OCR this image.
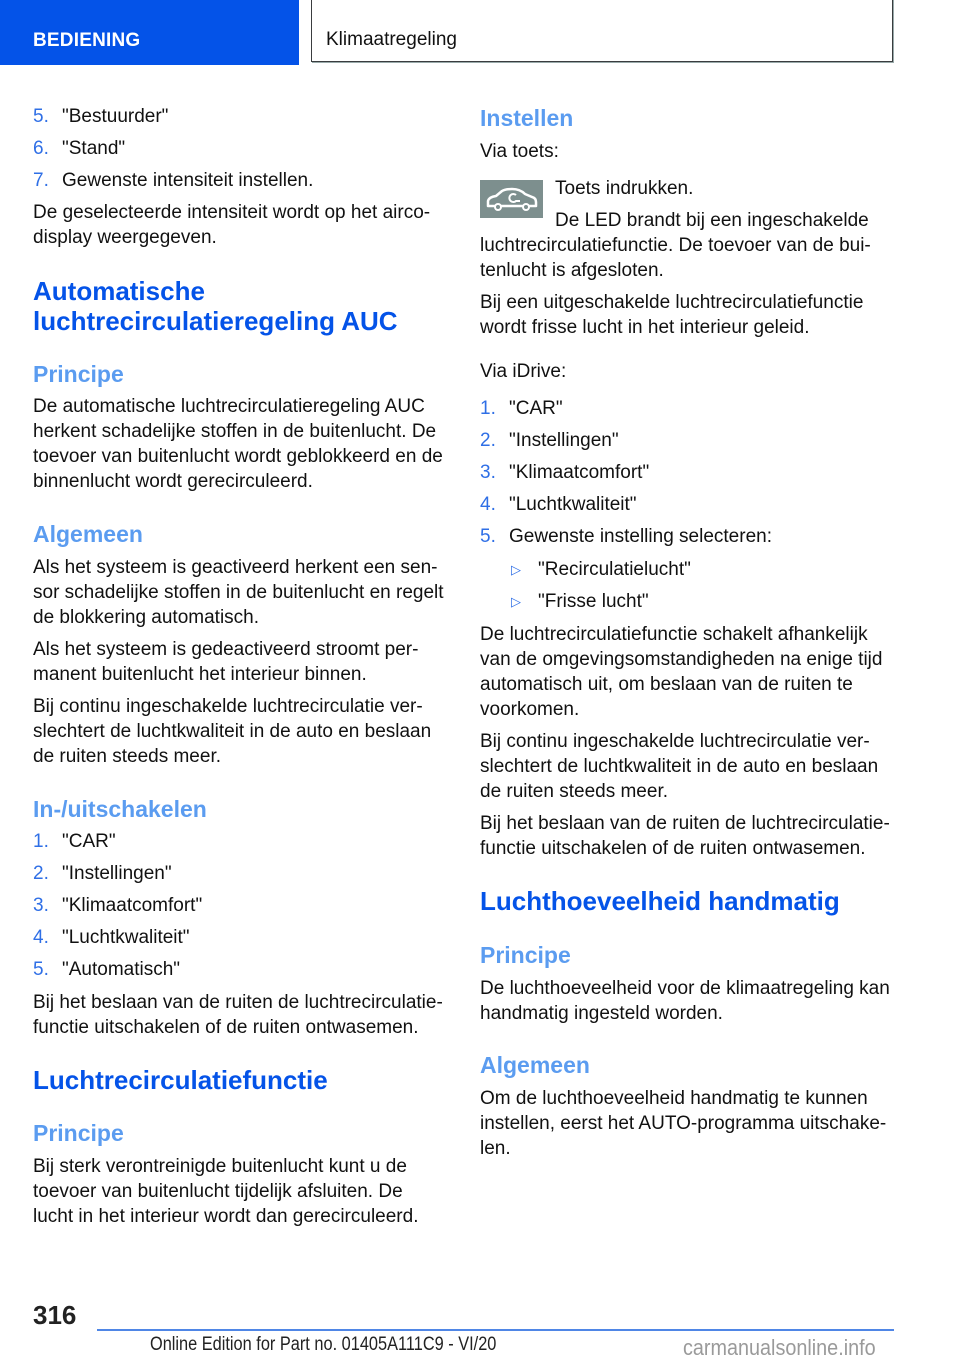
BEDIENING	Klimaatregeling
5. "Bestuurder"
6. "Stand"
7. Gewenste intensiteit instellen.
De geselecteerde intensiteit wordt op het airco-
display weergegeven.
Automatische
luchtrecirculatieregeling AUC
Principe
De automatische luchtrecirculatieregeling AUC
herkent schadelijke stoffen in de buitenlucht. De
toevoer van buitenlucht wordt geblokkeerd en de
binnenlucht wordt gerecirculeerd.
Algemeen
Als het systeem is geactiveerd herkent een sen-
sor schadelijke stoffen in de buitenlucht en regelt
de blokkering automatisch.
Als het systeem is gedeactiveerd stroomt per-
manent buitenlucht het interieur binnen.
Bij continu ingeschakelde luchtrecirculatie ver-
slechtert de luchtkwaliteit in de auto en beslaan
de ruiten steeds meer.
In-/uitschakelen
1. "CAR"
2. "Instellingen"
3. "Klimaatcomfort"
4. "Luchtkwaliteit"
5. "Automatisch"
Bij het beslaan van de ruiten de luchtrecirculatie-
functie uitschakelen of de ruiten ontwasemen.
Luchtrecirculatiefunctie
Principe
Bij sterk verontreinigde buitenlucht kunt u de
toevoer van buitenlucht tijdelijk afsluiten. De
lucht in het interieur wordt dan gerecirculeerd.
Instellen
Via toets:
Toets indrukken.
De LED brandt bij een ingeschakelde
luchtrecirculatiefunctie. De toevoer van de bui-
tenlucht is afgesloten.
Bij een uitgeschakelde luchtrecirculatiefunctie
wordt frisse lucht in het interieur geleid.
Via iDrive:
1. "CAR"
2. "Instellingen"
3. "Klimaatcomfort"
4. "Luchtkwaliteit"
5. Gewenste instelling selecteren:
▷ "Recirculatielucht"
▷ "Frisse lucht"
De luchtrecirculatiefunctie schakelt afhankelijk
van de omgevingsomstandigheden na enige tijd
automatisch uit, om beslaan van de ruiten te
voorkomen.
Bij continu ingeschakelde luchtrecirculatie ver-
slechtert de luchtkwaliteit in de auto en beslaan
de ruiten steeds meer.
Bij het beslaan van de ruiten de luchtrecirculatie-
functie uitschakelen of de ruiten ontwasemen.
Luchthoeveelheid handmatig
Principe
De luchthoeveelheid voor de klimaatregeling kan
handmatig ingesteld worden.
Algemeen
Om de luchthoeveelheid handmatig te kunnen
instellen, eerst het AUTO-programma uitschake-
len.
316
Online Edition for Part no. 01405A111C9 - VI/20	carmanualsonline.info
